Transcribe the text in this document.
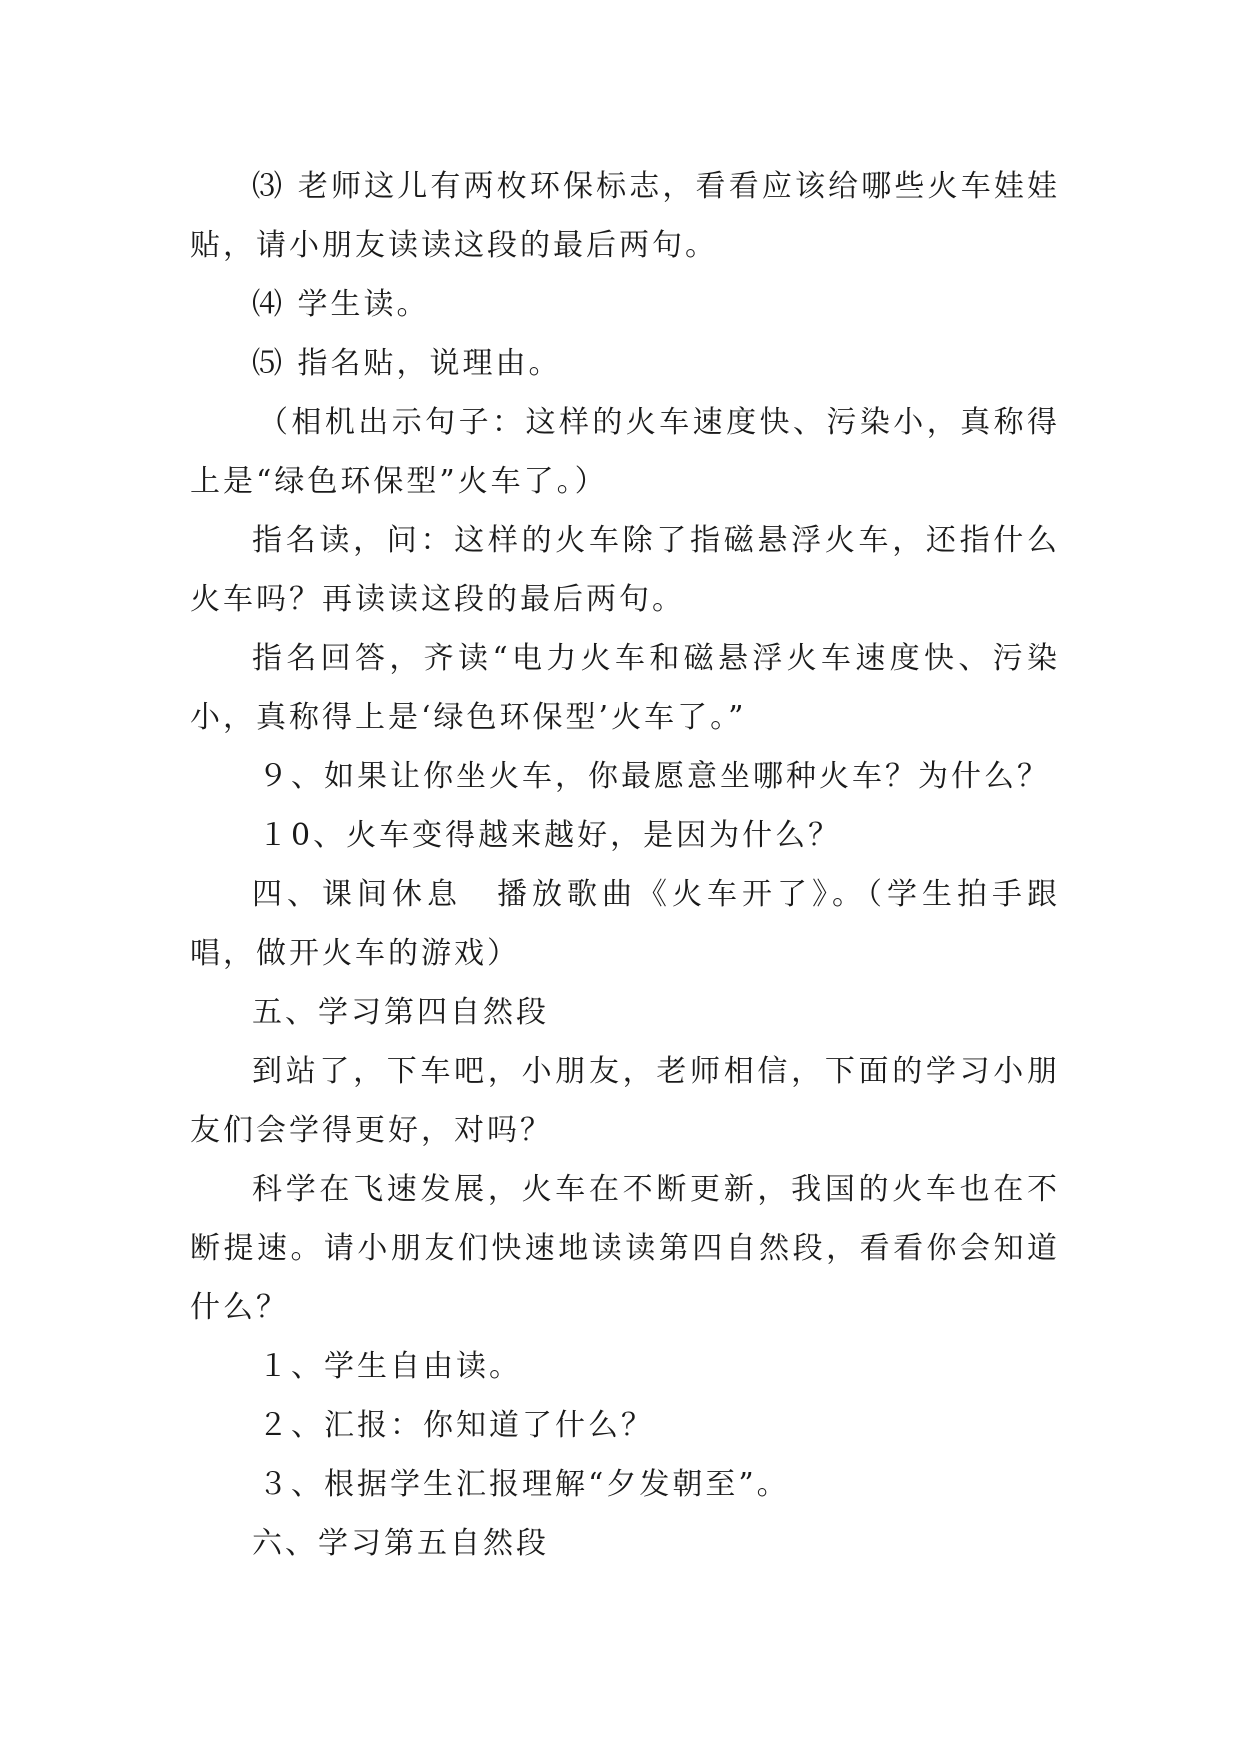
⑶ 老师这儿有两枚环保标志，看看应该给哪些火车娃娃贴，请小朋友读读这段的最后两句。

⑷ 学生读。

⑸ 指名贴，说理由。

（相机出示句子：这样的火车速度快、污染小，真称得上是“绿色环保型”火车了。）

指名读，问：这样的火车除了指磁悬浮火车，还指什么火车吗？再读读这段的最后两句。

指名回答，齐读“电力火车和磁悬浮火车速度快、污染小，真称得上是‘绿色环保型’火车了。”

９、如果让你坐火车，你最愿意坐哪种火车？为什么？

１0、火车变得越来越好，是因为什么？

四、课间休息　播放歌曲《火车开了》。（学生拍手跟唱，做开火车的游戏）

五、学习第四自然段

到站了，下车吧，小朋友，老师相信，下面的学习小朋友们会学得更好，对吗？

科学在飞速发展，火车在不断更新，我国的火车也在不断提速。请小朋友们快速地读读第四自然段，看看你会知道什么？

１、学生自由读。

２、汇报：你知道了什么？

３、根据学生汇报理解“夕发朝至”。

六、学习第五自然段
